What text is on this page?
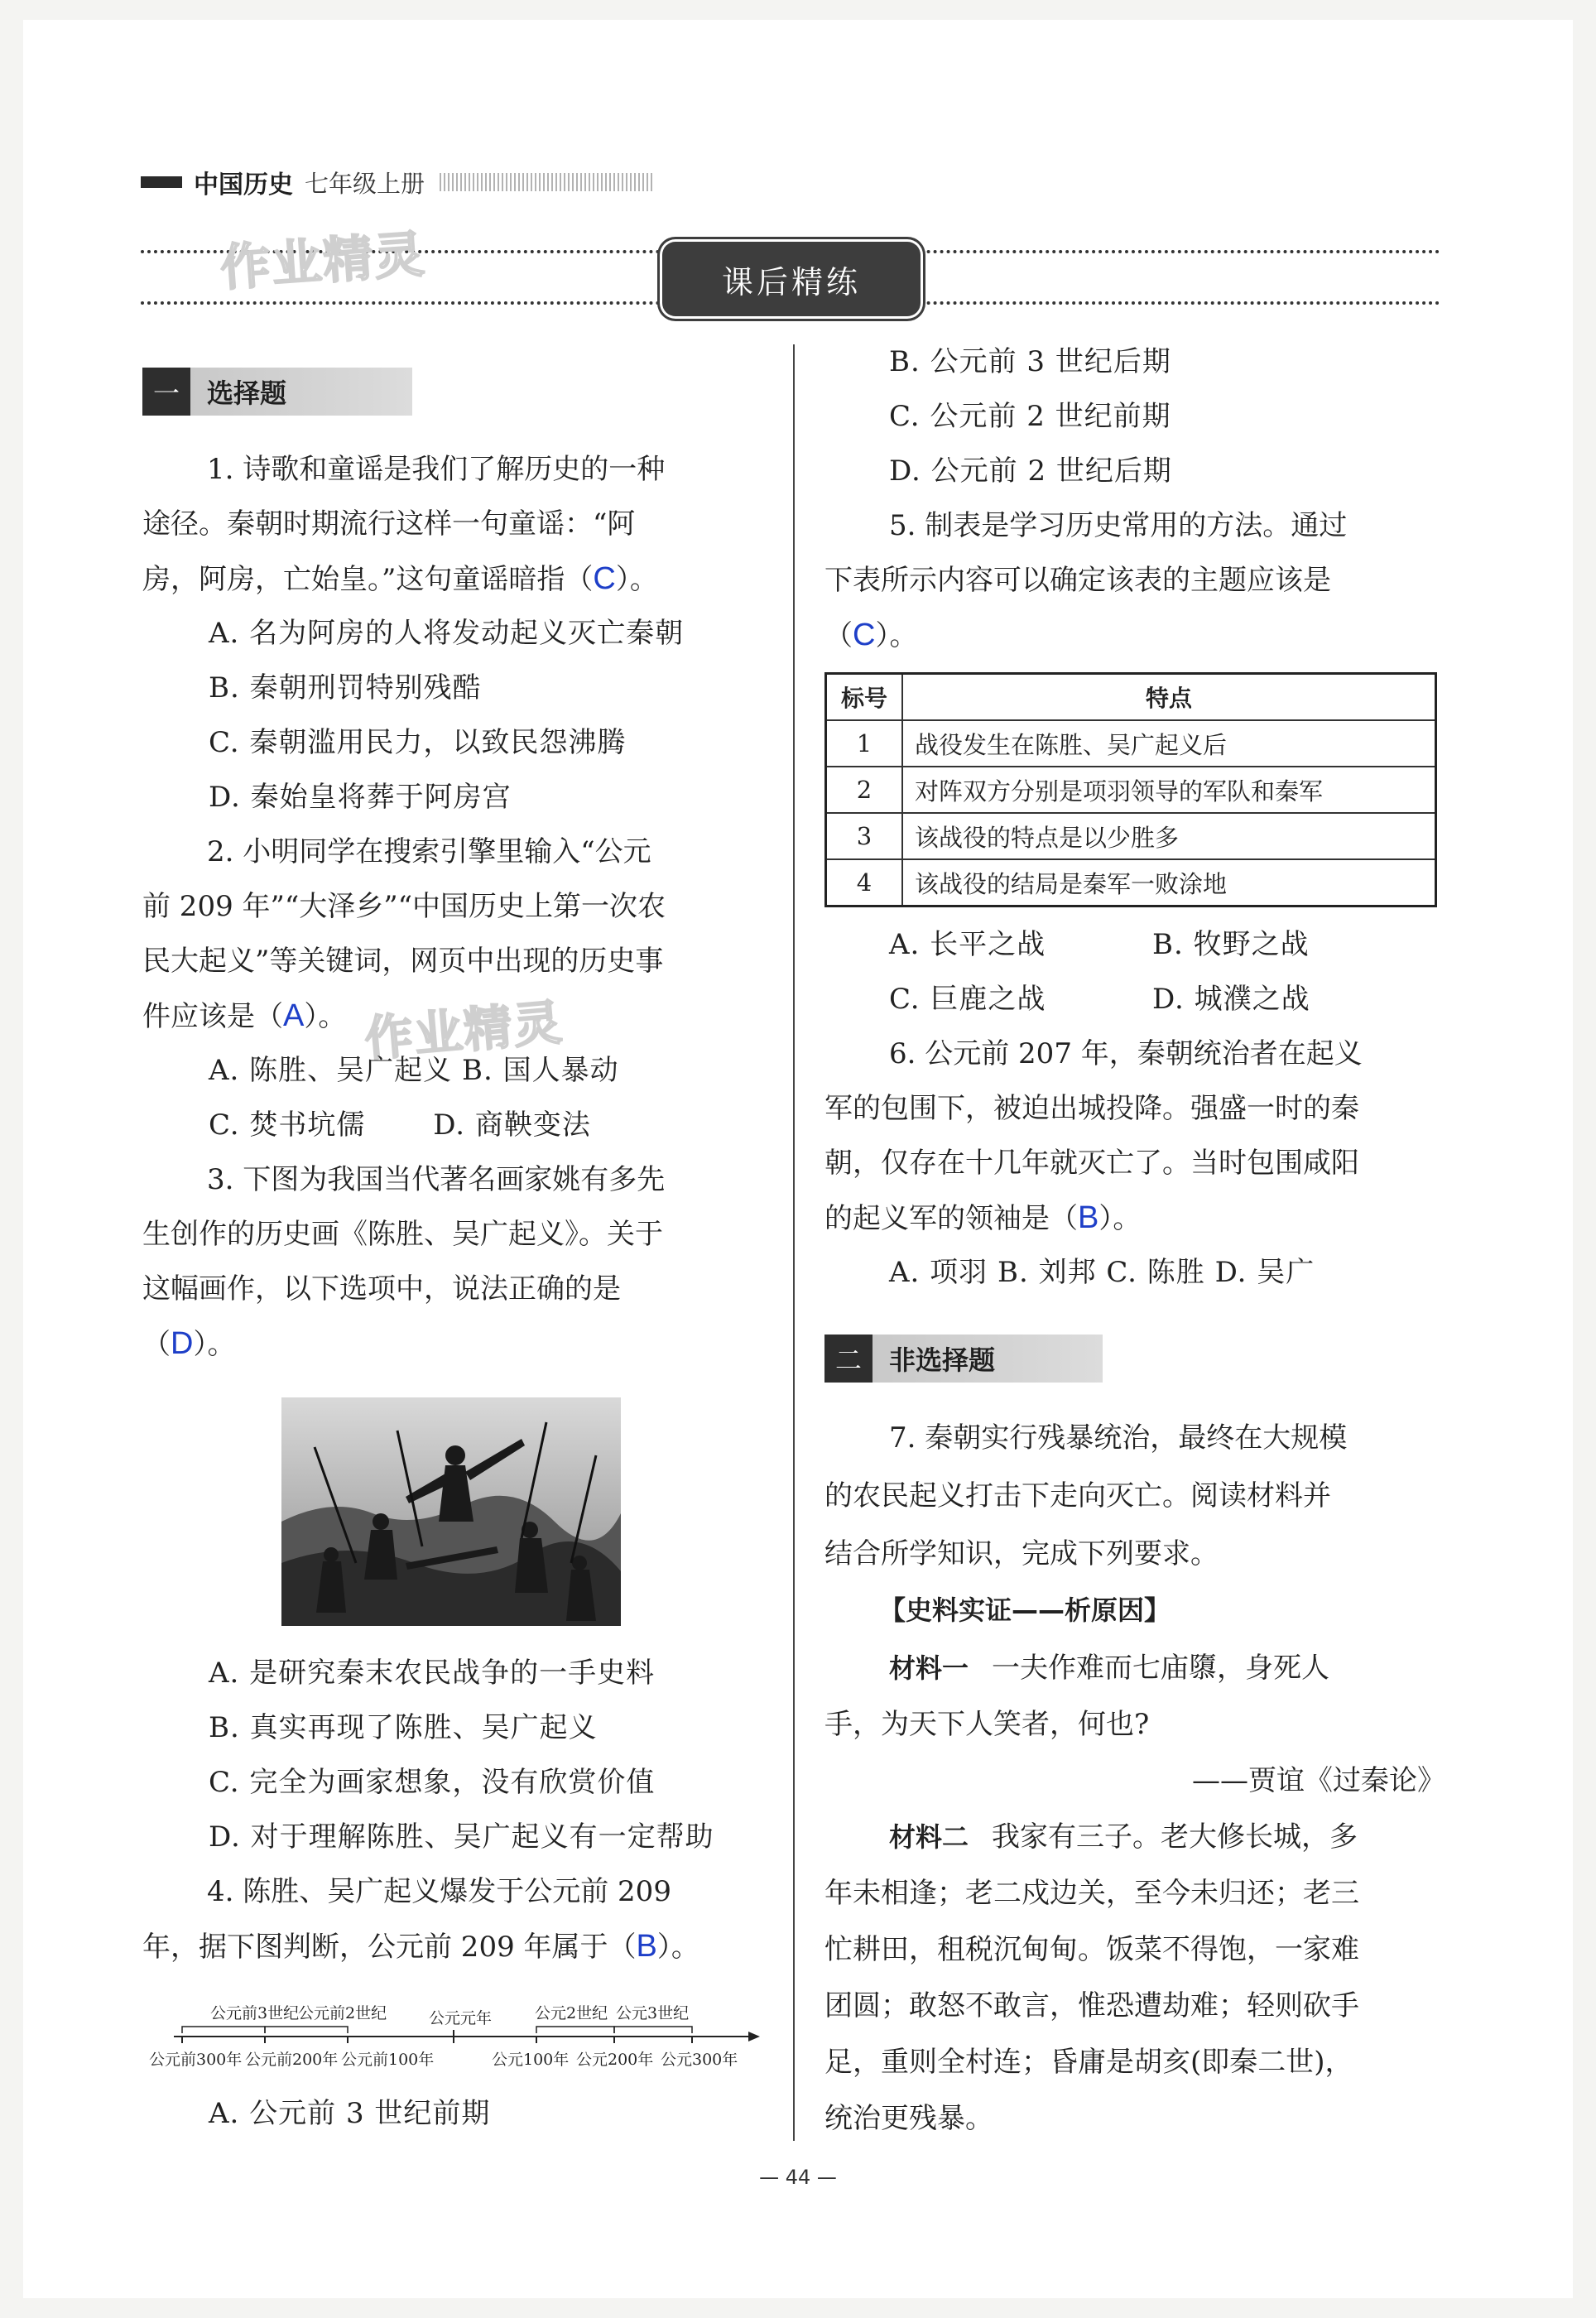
中国历史 七年级上册
作业精灵	课后精练
一	选择题
1. 诗歌和童谣是我们了解历史的一种
途径。秦朝时期流行这样一句童谣：“阿
房，阿房，亡始皇。”这句童谣暗指（C）。
A. 名为阿房的人将发动起义灭亡秦朝
B. 秦朝刑罚特别残酷
C. 秦朝滥用民力，以致民怨沸腾
D. 秦始皇将葬于阿房宫
2. 小明同学在搜索引擎里输入“公元
前 209 年”“大泽乡”“中国历史上第一次农
民大起义”等关键词，网页中出现的历史事
件应该是（A）。 作业精灵
A. 陈胜、吴广起义 B. 国人暴动
C. 焚书坑儒　　 D. 商鞅变法
3. 下图为我国当代著名画家姚有多先
生创作的历史画《陈胜、吴广起义》。关于
这幅画作，以下选项中，说法正确的是
（D）。
A. 是研究秦末农民战争的一手史料
B. 真实再现了陈胜、吴广起义
C. 完全为画家想象，没有欣赏价值
D. 对于理解陈胜、吴广起义有一定帮助
4. 陈胜、吴广起义爆发于公元前 209
年，据下图判断，公元前 209 年属于（B）。
公元前3世纪
公元前2世纪	公元元年	公元2世纪 公元3世纪
公元前300年 公元前200年 公元前100年	公元100年 公元200年 公元300年
A. 公元前 3 世纪前期
B. 公元前 3 世纪后期
C. 公元前 2 世纪前期
D. 公元前 2 世纪后期
5. 制表是学习历史常用的方法。通过
下表所示内容可以确定该表的主题应该是
（C）。
标号	特点
1	战役发生在陈胜、吴广起义后
2	对阵双方分别是项羽领导的军队和秦军
3	该战役的特点是以少胜多
4	该战役的结局是秦军一败涂地
A. 长平之战	B. 牧野之战
C. 巨鹿之战	D. 城濮之战
6. 公元前 207 年，秦朝统治者在起义
军的包围下，被迫出城投降。强盛一时的秦
朝，仅存在十几年就灭亡了。当时包围咸阳
的起义军的领袖是（B）。
A. 项羽 B. 刘邦 C. 陈胜 D. 吴广
二	非选择题
7. 秦朝实行残暴统治，最终在大规模
的农民起义打击下走向灭亡。阅读材料并
结合所学知识，完成下列要求。
【史料实证——析原因】
材料一 一夫作难而七庙隳，身死人
手，为天下人笑者，何也?
——贾谊《过秦论》
材料二 我家有三子。老大修长城，多
年未相逢；老二戍边关，至今未归还；老三
忙耕田，租税沉甸甸。饭菜不得饱，一家难
团圆；敢怒不敢言，惟恐遭劫难；轻则砍手
足，重则全村连；昏庸是胡亥(即秦二世)，
统治更残暴。
— 44 —
